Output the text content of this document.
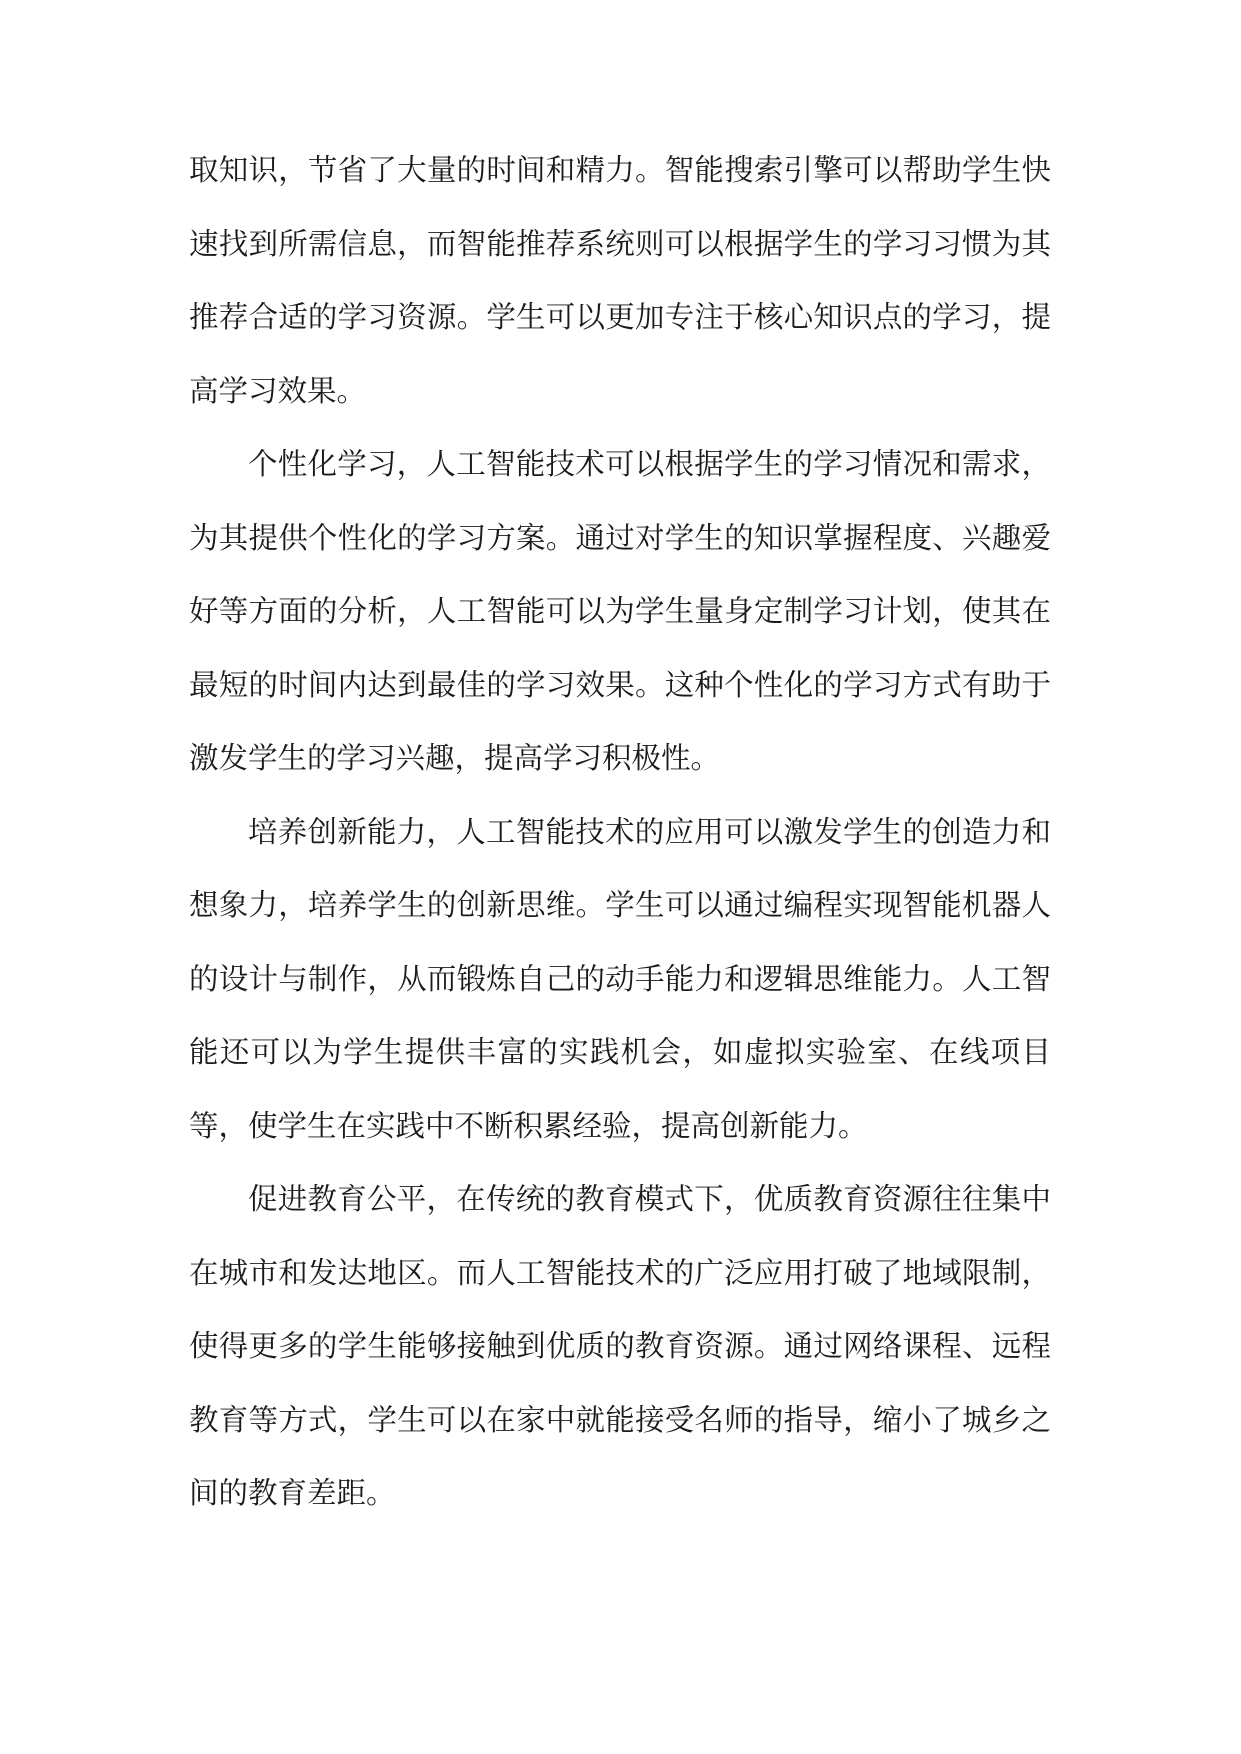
取知识，节省了大量的时间和精力。智能搜索引擎可以帮助学生快速找到所需信息，而智能推荐系统则可以根据学生的学习习惯为其推荐合适的学习资源。学生可以更加专注于核心知识点的学习，提高学习效果。

个性化学习，人工智能技术可以根据学生的学习情况和需求，为其提供个性化的学习方案。通过对学生的知识掌握程度、兴趣爱好等方面的分析，人工智能可以为学生量身定制学习计划，使其在最短的时间内达到最佳的学习效果。这种个性化的学习方式有助于激发学生的学习兴趣，提高学习积极性。

培养创新能力，人工智能技术的应用可以激发学生的创造力和想象力，培养学生的创新思维。学生可以通过编程实现智能机器人的设计与制作，从而锻炼自己的动手能力和逻辑思维能力。人工智能还可以为学生提供丰富的实践机会，如虚拟实验室、在线项目等，使学生在实践中不断积累经验，提高创新能力。

促进教育公平，在传统的教育模式下，优质教育资源往往集中在城市和发达地区。而人工智能技术的广泛应用打破了地域限制，使得更多的学生能够接触到优质的教育资源。通过网络课程、远程教育等方式，学生可以在家中就能接受名师的指导，缩小了城乡之间的教育差距。
